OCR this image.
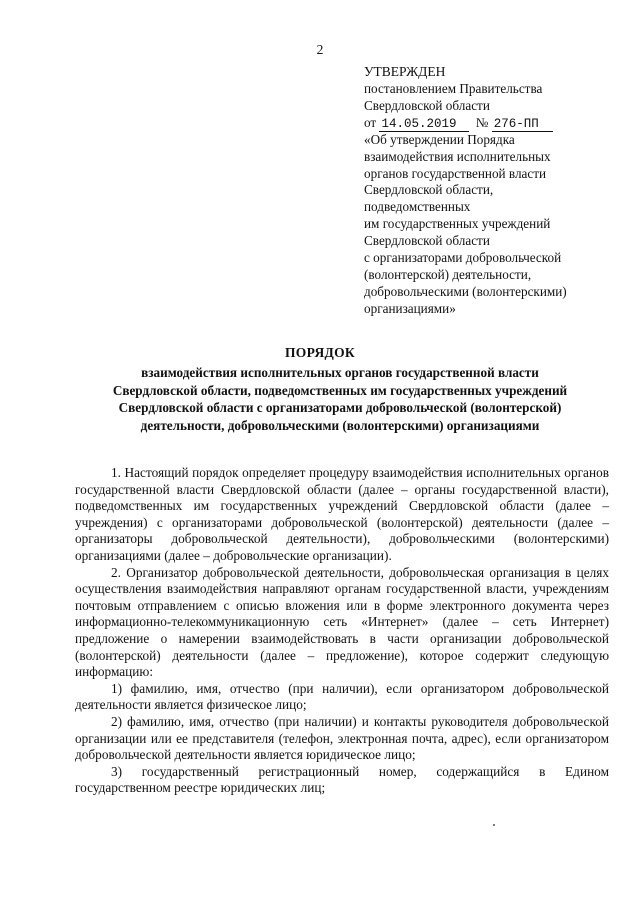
2
УТВЕРЖДЕН
постановлением Правительства
Свердловской области
от 14.05.2019 № 276-ПП
«Об утверждении Порядка
взаимодействия исполнительных
органов государственной власти
Свердловской области,
подведомственных
им государственных учреждений
Свердловской области
с организаторами добровольческой
(волонтерской) деятельности,
добровольческими (волонтерскими)
организациями»
ПОРЯДОК
взаимодействия исполнительных органов государственной власти
Свердловской области, подведомственных им государственных учреждений
Свердловской области с организаторами добровольческой (волонтерской)
деятельности, добровольческими (волонтерскими) организациями

1. Настоящий порядок определяет процедуру взаимодействия исполнительных органов государственной власти Свердловской области (далее – органы государственной власти), подведомственных им государственных учреждений Свердловской области (далее – учреждения) с организаторами добровольческой (волонтерской) деятельности (далее – организаторы добровольческой деятельности), добровольческими (волонтерскими) организациями (далее – добровольческие организации).

2. Организатор добровольческой деятельности, добровольческая организация в целях осуществления взаимодействия направляют органам государственной власти, учреждениям почтовым отправлением с описью вложения или в форме электронного документа через информационно-телекоммуникационную сеть «Интернет» (далее – сеть Интернет) предложение о намерении взаимодействовать в части организации добровольческой (волонтерской) деятельности (далее – предложение), которое содержит следующую информацию:

1) фамилию, имя, отчество (при наличии), если организатором добровольческой деятельности является физическое лицо;

2) фамилию, имя, отчество (при наличии) и контакты руководителя добровольческой организации или ее представителя (телефон, электронная почта, адрес), если организатором добровольческой деятельности является юридическое лицо;

3) государственный регистрационный номер, содержащийся в Едином государственном реестре юридических лиц;
